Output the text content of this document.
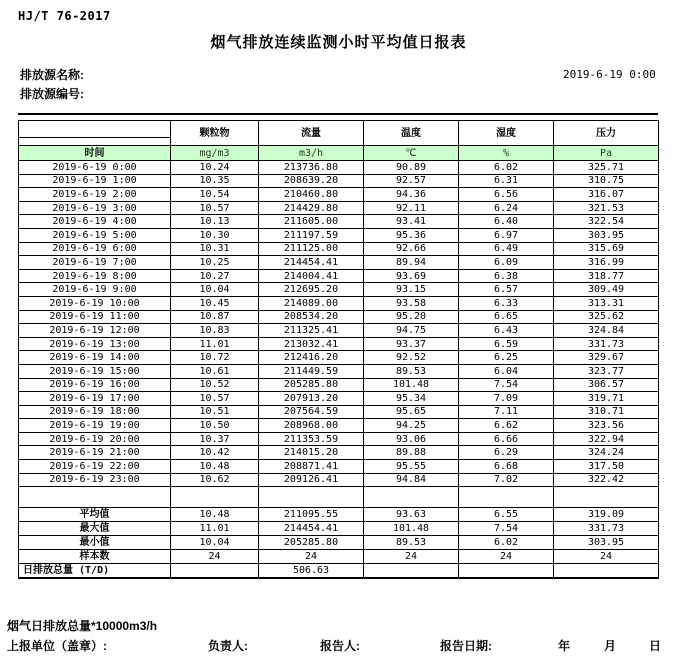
HJ/T 76-2017
烟气排放连续监测小时平均值日报表
排放源名称:	2019-6-19 0:00
排放源编号:
	颗粒物	流量	温度	湿度	压力

时间	mg/m3	m3/h	℃	%	Pa
2019-6-19 0:00	10.24	213736.80	90.89	6.02	325.71
2019-6-19 1:00	10.35	208639.20	92.57	6.31	310.75
2019-6-19 2:00	10.54	210460.80	94.36	6.56	316.07
2019-6-19 3:00	10.57	214429.80	92.11	6.24	321.53
2019-6-19 4:00	10.13	211605.00	93.41	6.40	322.54
2019-6-19 5:00	10.30	211197.59	95.36	6.97	303.95
2019-6-19 6:00	10.31	211125.00	92.66	6.49	315.69
2019-6-19 7:00	10.25	214454.41	89.94	6.09	316.99
2019-6-19 8:00	10.27	214004.41	93.69	6.38	318.77
2019-6-19 9:00	10.04	212695.20	93.15	6.57	309.49
2019-6-19 10:00	10.45	214089.00	93.58	6.33	313.31
2019-6-19 11:00	10.87	208534.20	95.20	6.65	325.62
2019-6-19 12:00	10.83	211325.41	94.75	6.43	324.84
2019-6-19 13:00	11.01	213032.41	93.37	6.59	331.73
2019-6-19 14:00	10.72	212416.20	92.52	6.25	329.67
2019-6-19 15:00	10.61	211449.59	89.53	6.04	323.77
2019-6-19 16:00	10.52	205285.80	101.48	7.54	306.57
2019-6-19 17:00	10.57	207913.20	95.34	7.09	319.71
2019-6-19 18:00	10.51	207564.59	95.65	7.11	310.71
2019-6-19 19:00	10.50	208968.00	94.25	6.62	323.56
2019-6-19 20:00	10.37	211353.59	93.06	6.66	322.94
2019-6-19 21:00	10.42	214015.20	89.88	6.29	324.24
2019-6-19 22:00	10.48	208871.41	95.55	6.68	317.50
2019-6-19 23:00	10.62	209126.41	94.84	7.02	322.42

平均值	10.48	211095.55	93.63	6.55	319.09
最大值	11.01	214454.41	101.48	7.54	331.73
最小值	10.04	205285.80	89.53	6.02	303.95
样本数	24	24	24	24	24
日排放总量 (T/D)		506.63			
烟气日排放总量*10000m3/h
上报单位（盖章）:	负责人:	报告人:	报告日期:	年	月	日
